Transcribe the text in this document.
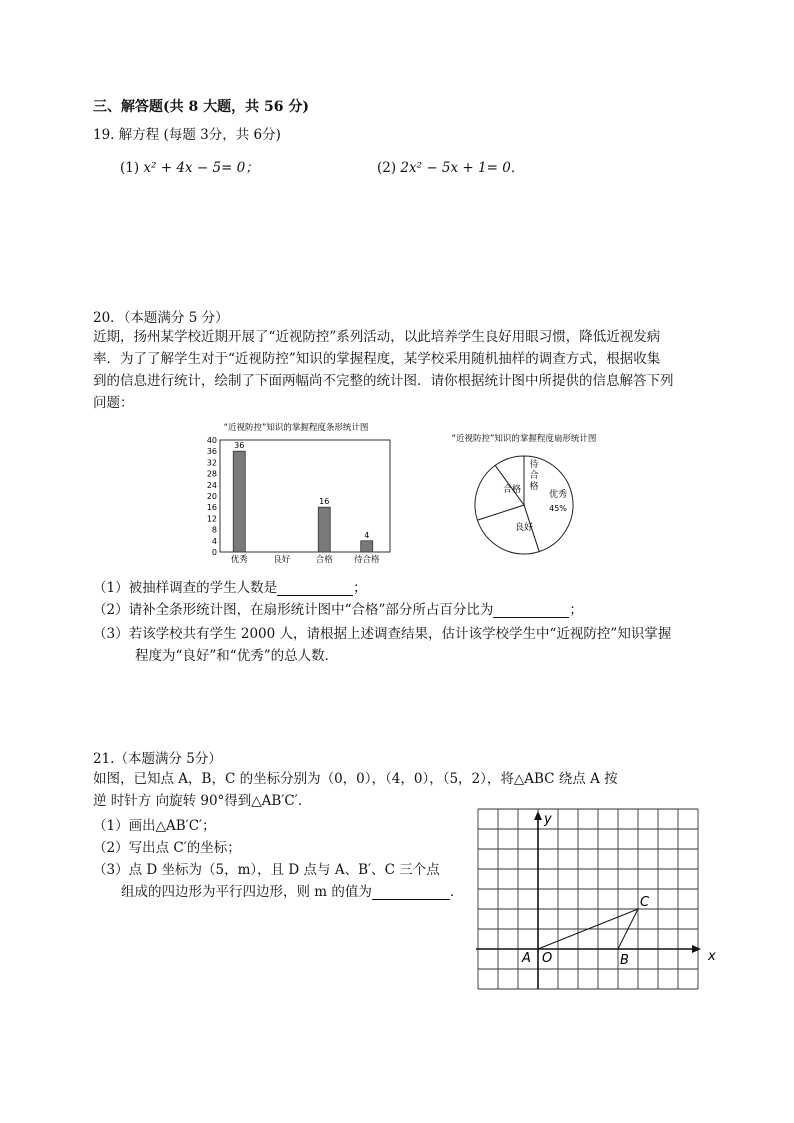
三、解答题(共 8 大题，共 56 分)
19. 解方程 (每题 3分，共 6分)
(1) x² + 4x − 5= 0；	(2) 2x² − 5x + 1= 0．
20．（本题满分 5 分）
近期，扬州某学校近期开展了“近视防控”系列活动，以此培养学生良好用眼习惯，降低近视发病
率．为了了解学生对于“近视防控”知识的掌握程度，某学校采用随机抽样的调查方式，根据收集
到的信息进行统计，绘制了下面两幅尚不完整的统计图．请你根据统计图中所提供的信息解答下列
问题：
“近视防控”知识的掌握程度条形统计图
0
4
8
12
16
20
24
28
32
36
40
36
16
4
优秀	良好	合格 待合格
“近视防控”知识的掌握程度扇形统计图
优秀
45%
良好
合格
待
合
格
（1）被抽样调查的学生人数是	；
（2）请补全条形统计图，在扇形统计图中“合格”部分所占百分比为	；
（3）若该学校共有学生 2000 人，请根据上述调查结果，估计该学校学生中“近视防控”知识掌握
程度为“良好”和“优秀”的总人数．
21.（本题满分 5分）
如图，已知点 A，B，C 的坐标分别为（0，0），（4，0），（5，2），将△ABC 绕点 A 按
逆 时针方 向旋转 90°得到△AB′C′．
（1）画出△AB′C′；
（2）写出点 C′的坐标；
（3）点 D 坐标为（5，m），且 D 点与 A、B′、C 三个点
组成的四边形为平行四边形，则 m 的值为	．
x
y
A O	B
C
